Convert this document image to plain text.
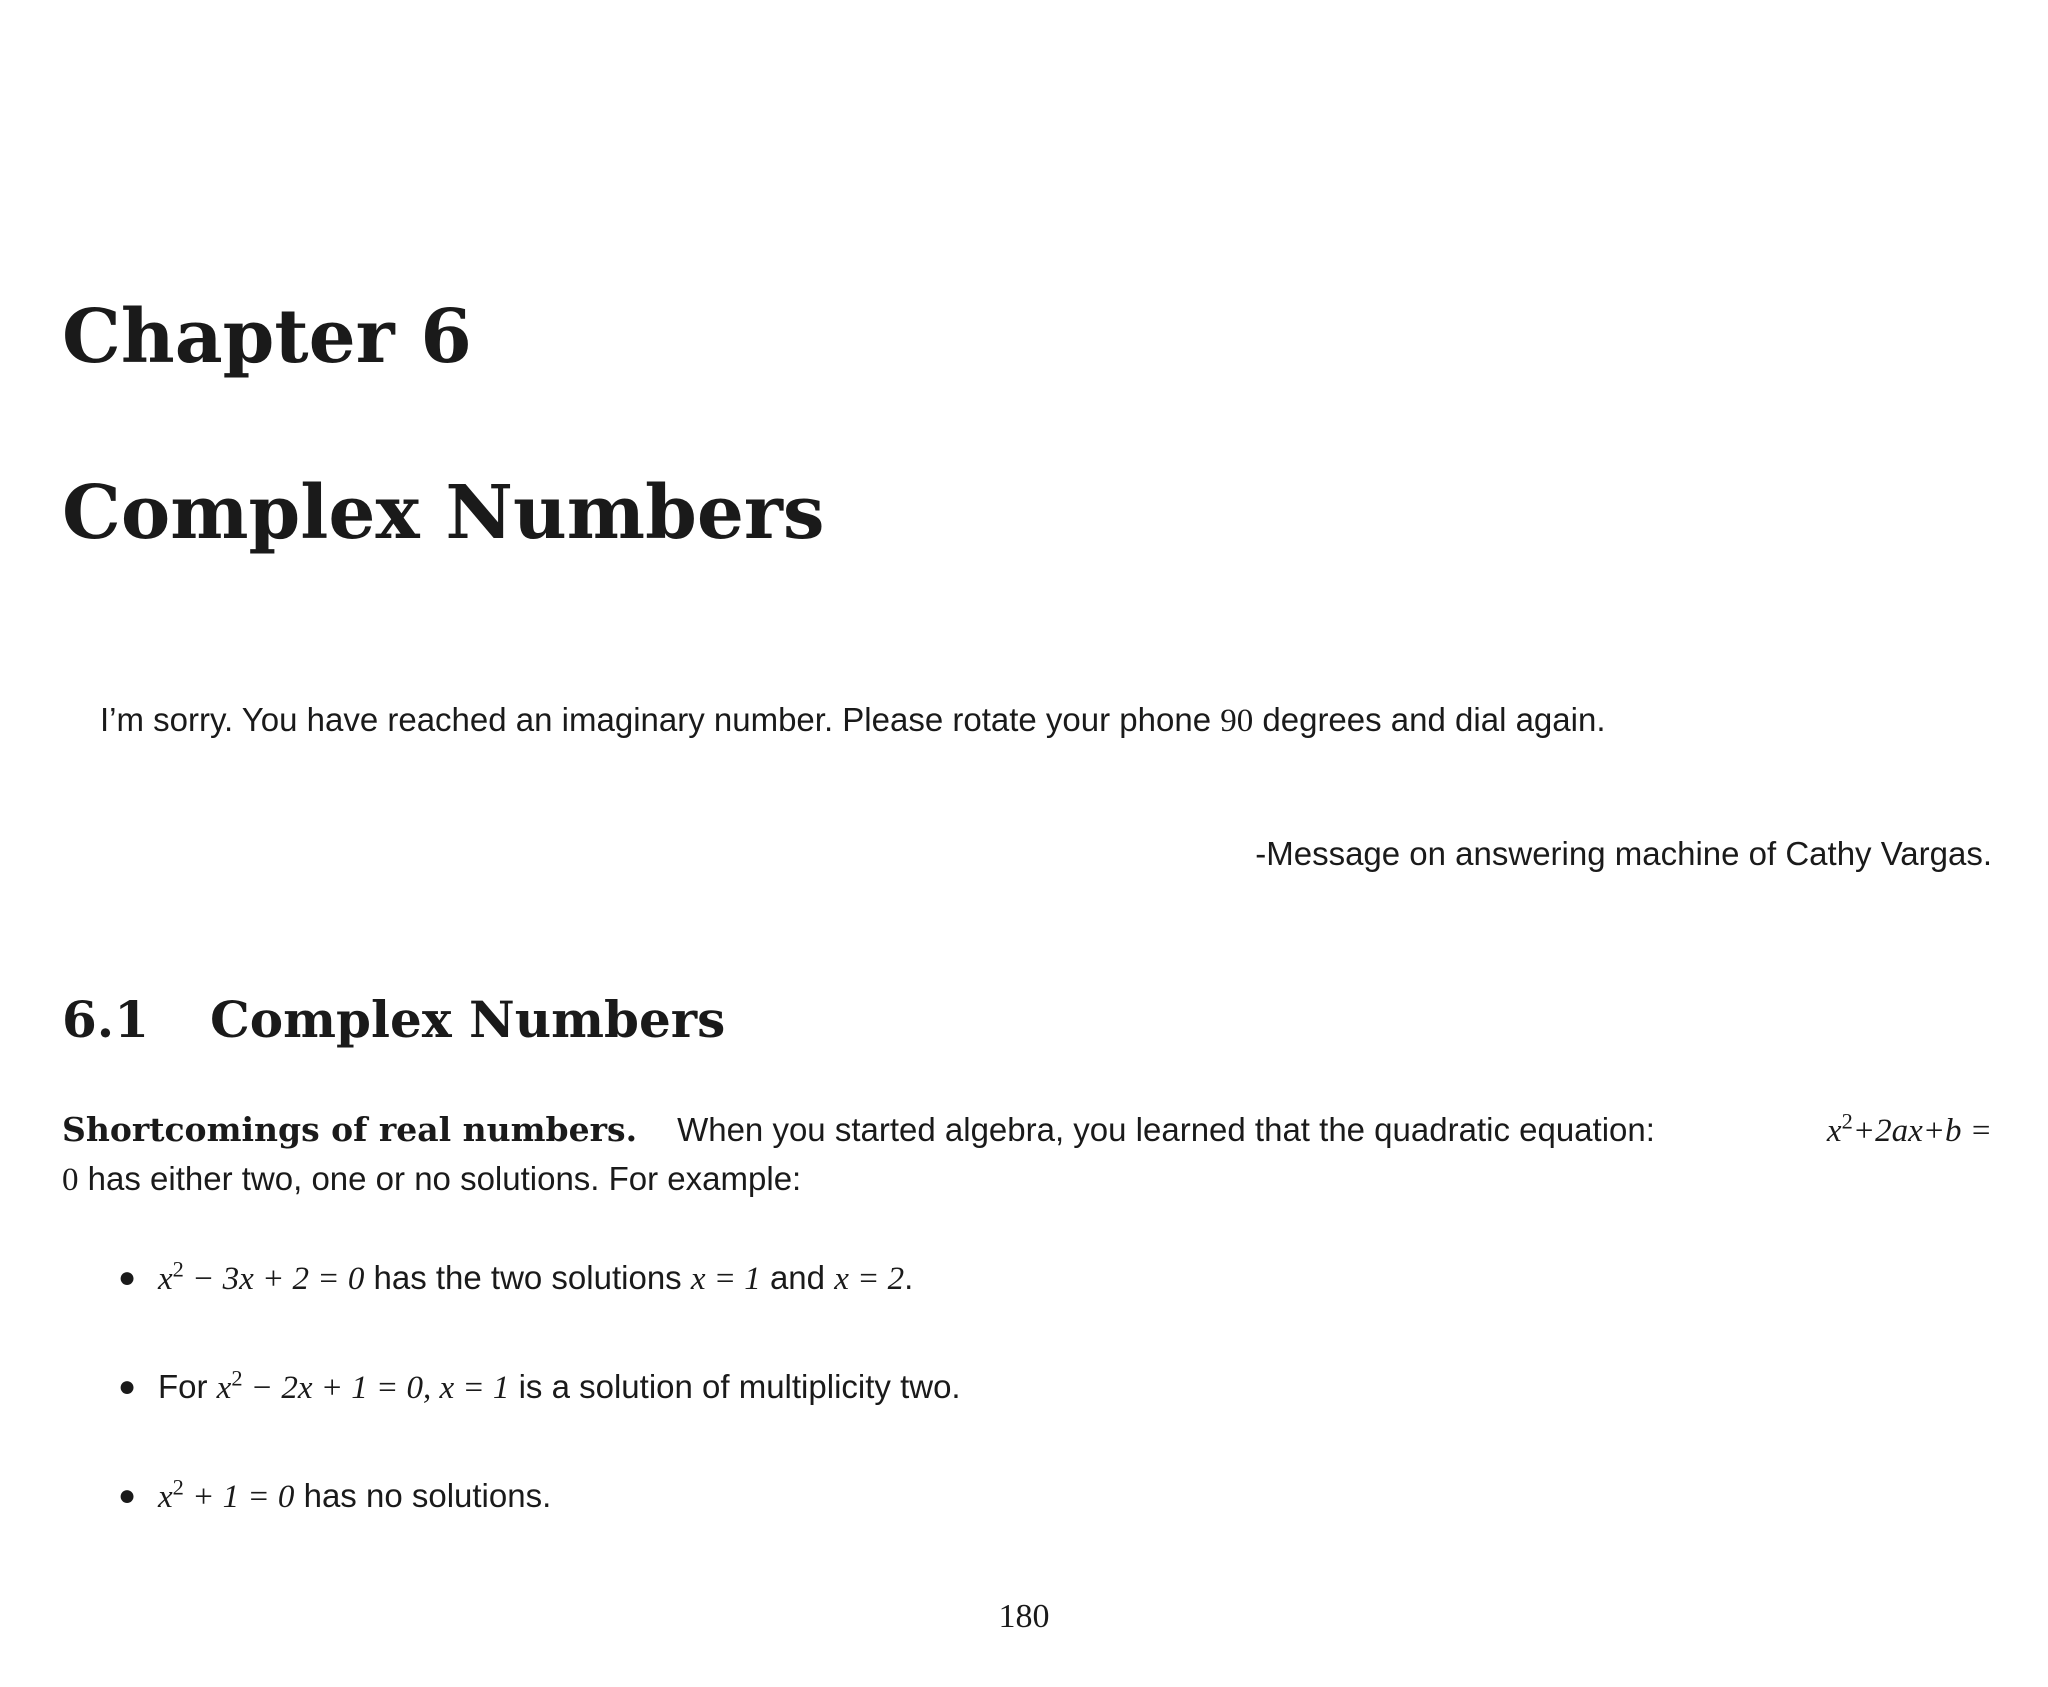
Chapter 6
Complex Numbers
I’m sorry. You have reached an imaginary number. Please rotate your phone 90 degrees and dial again.
-Message on answering machine of Cathy Vargas.
6.1 Complex Numbers
Shortcomings of real numbers. When you started algebra, you learned that the quadratic equation:	$x^2+2ax+b$ =
0 has either two, one or no solutions. For example:
● $x^2 - 3x + 2 = 0$ has the two solutions x = 1 and x = 2.
● For $x^2 - 2x + 1 = 0$, x = 1 is a solution of multiplicity two.
● $x^2 + 1 = 0$ has no solutions.
180
